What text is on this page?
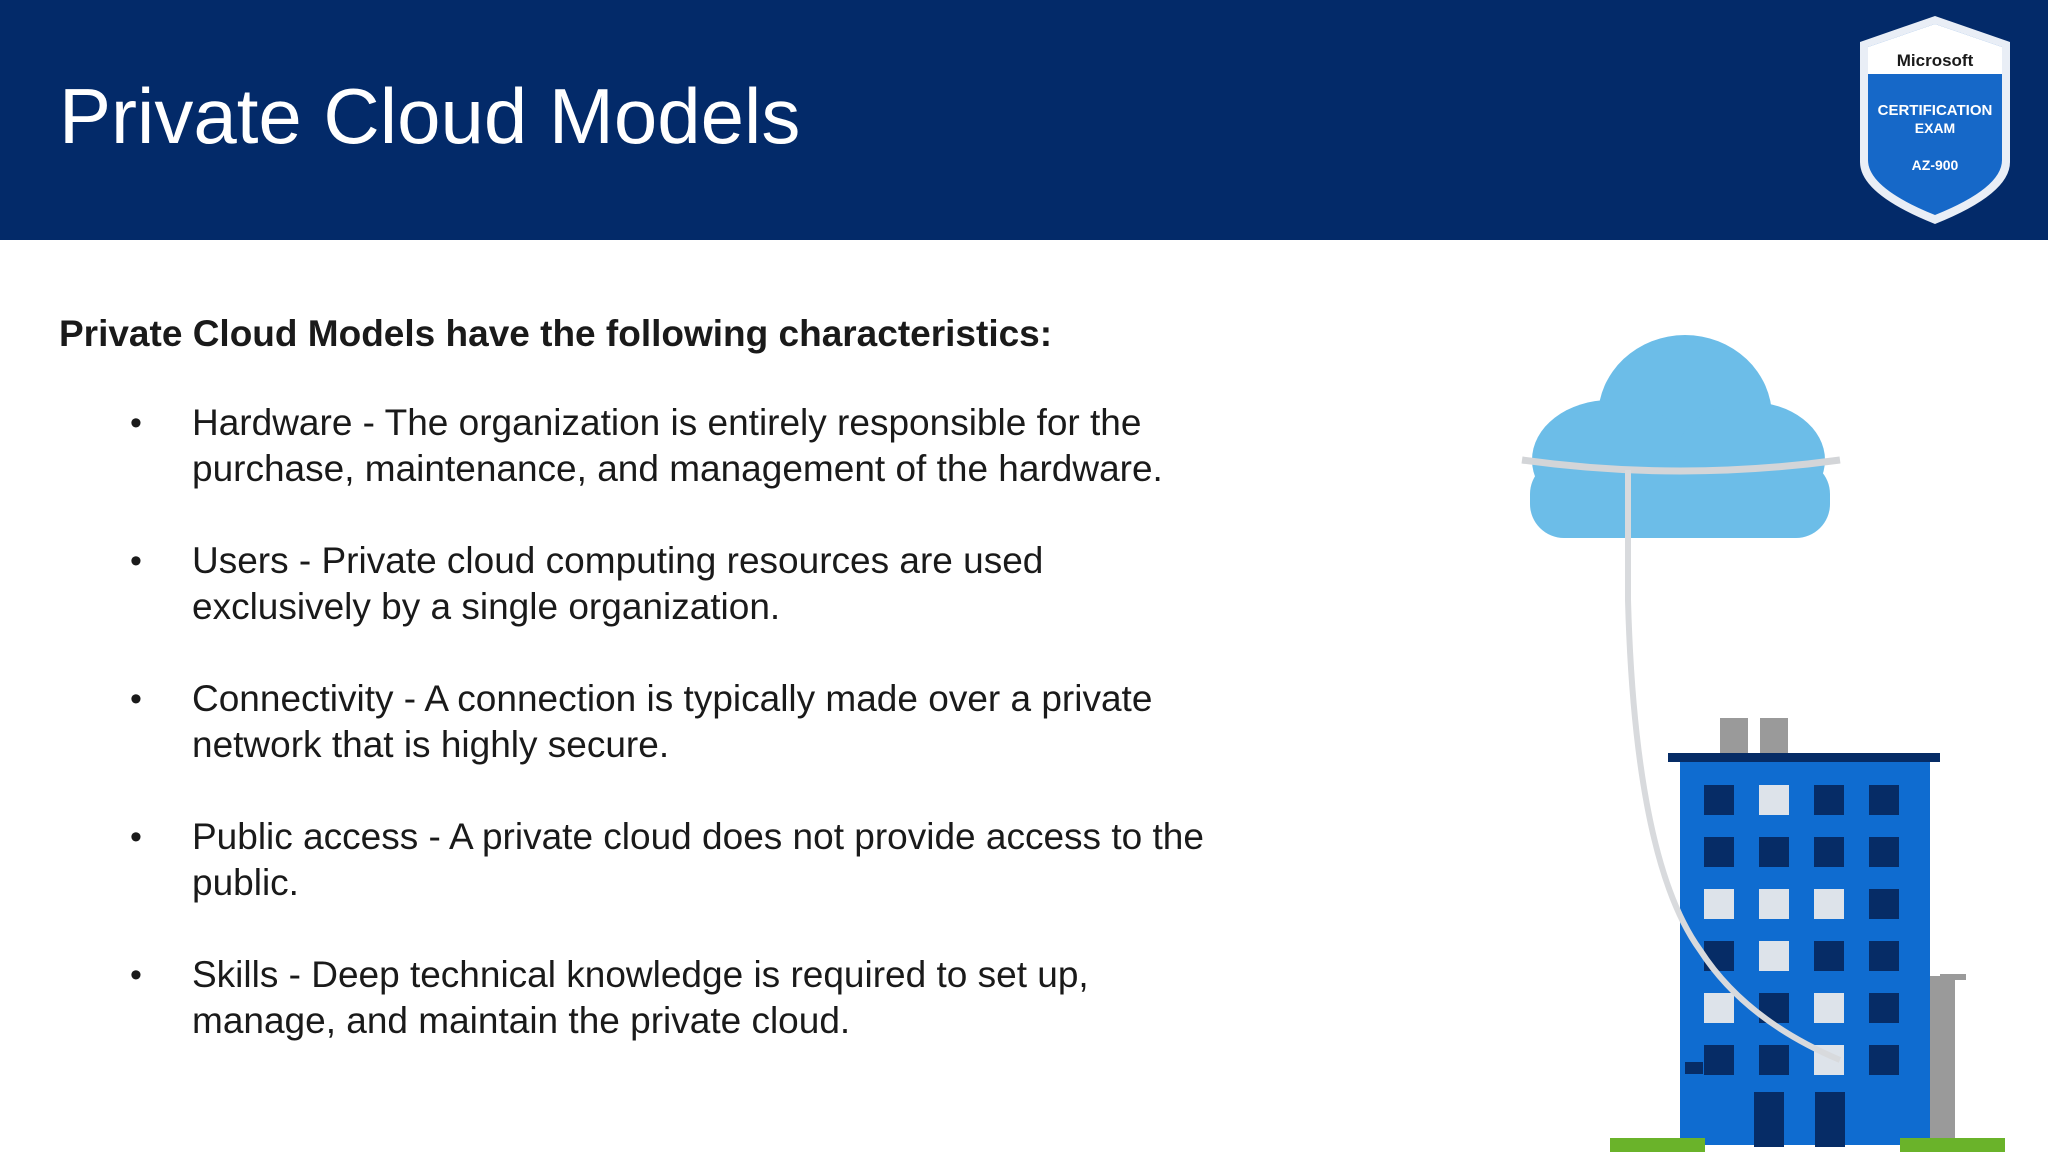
Private Cloud Models
Microsoft
CERTIFICATION
EXAM
AZ-900

Private Cloud Models have the following characteristics:

• Hardware - The organization is entirely responsible for the purchase, maintenance, and management of the hardware.
• Users - Private cloud computing resources are used exclusively by a single organization.
• Connectivity - A connection is typically made over a private network that is highly secure.
• Public access - A private cloud does not provide access to the public.
• Skills - Deep technical knowledge is required to set up, manage, and maintain the private cloud.
